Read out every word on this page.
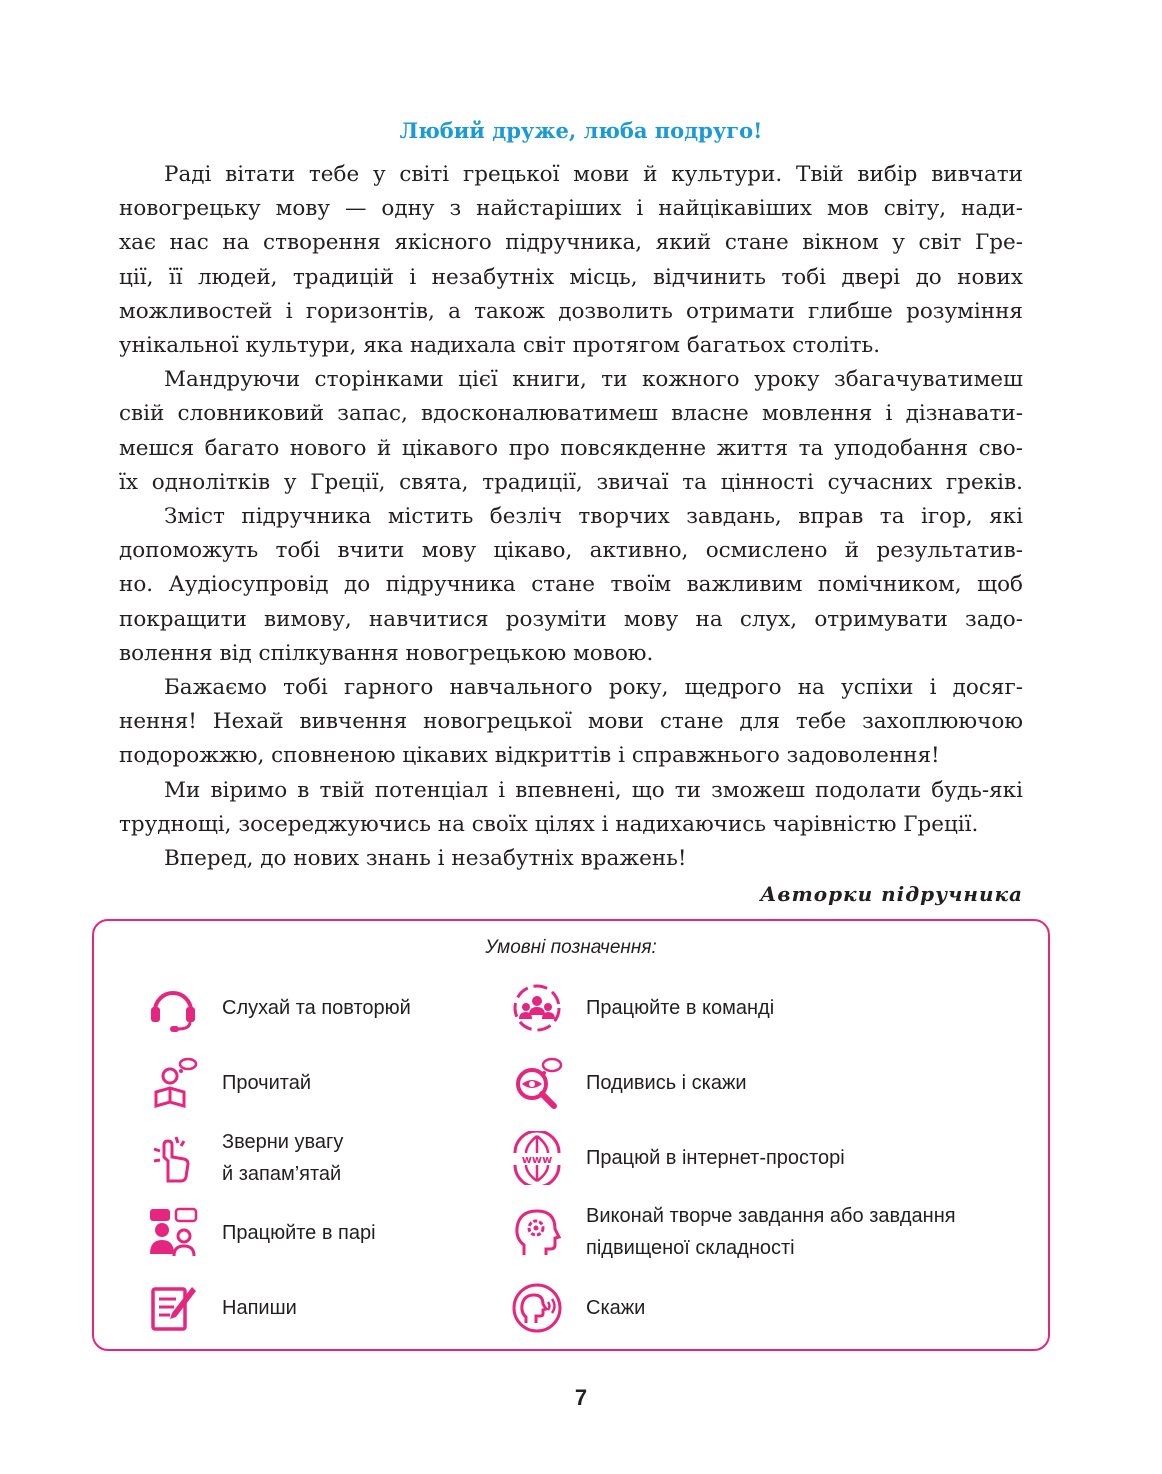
Любий друже, люба подруго!
Раді вітати тебе у світі грецької мови й культури. Твій вибір вивчати
новогрецьку мову — одну з найстаріших і найцікавіших мов світу, нади-
хає нас на створення якісного підручника, який стане вікном у світ Гре-
ції, її людей, традицій і незабутніх місць, відчинить тобі двері до нових
можливостей і горизонтів, а також дозволить отримати глибше розуміння
унікальної культури, яка надихала світ протягом багатьох століть.
Мандруючи сторінками цієї книги, ти кожного уроку збагачуватимеш
свій словниковий запас, вдосконалюватимеш власне мовлення і дізнавати-
мешся багато нового й цікавого про повсякденне життя та уподобання сво-
їх однолітків у Греції, свята, традиції, звичаї та цінності сучасних греків.
Зміст підручника містить безліч творчих завдань, вправ та ігор, які
допоможуть тобі вчити мову цікаво, активно, осмислено й результатив-
но. Аудіосупровід до підручника стане твоїм важливим помічником, щоб
покращити вимову, навчитися розуміти мову на слух, отримувати задо-
волення від спілкування новогрецькою мовою.
Бажаємо тобі гарного навчального року, щедрого на успіхи і досяг-
нення! Нехай вивчення новогрецької мови стане для тебе захоплюючою
подорожжю, сповненою цікавих відкриттів і справжнього задоволення!
Ми віримо в твій потенціал і впевнені, що ти зможеш подолати будь-які
труднощі, зосереджуючись на своїх цілях і надихаючись чарівністю Греції.
Вперед, до нових знань і незабутніх вражень!
Авторки підручника
Умовні позначення:
Слухай та повторюй
Прочитай
Зверни увагу
й запам’ятай
Працюйте в парі
Напиши
Працюйте в команді
Подивись і скажи
www Працюй в інтернет-просторі
Виконай творче завдання або завдання
підвищеної складності
Скажи
7
